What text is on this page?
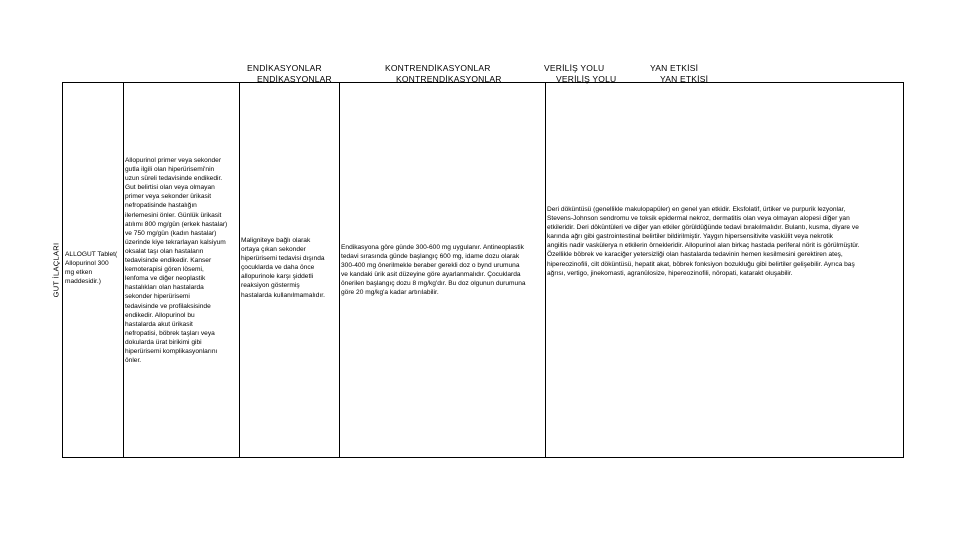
ENDİKASYONLAR
ENDİKASYONLAR
KONTRENDİKASYONLAR
KONTRENDİKASYONLAR
VERİLİŞ YOLU
VERİLİŞ YOLU
YAN ETKİSİ
YAN ETKİSİ
GUT İLAÇLARI ALLOGUT Tablet(
Allopurinol 300
mg etken
maddesidir.)
Allopurinol primer veya sekonder
gutla ilgili olan hiperürisemi'nin
uzun süreli tedavisinde endikedir.
Gut belirtisi olan veya olmayan
primer veya sekonder ürikasit
nefropatisinde hastalığın
ilerlemesini önler. Günlük ürikasit
atılımı 800 mg/gün (erkek hastalar)
ve 750 mg/gün (kadın hastalar)
üzerinde kiye tekrarlayan kalsiyum
oksalat taşı olan hastaların
tedavisinde endikedir. Kanser
kemoterapisi gören lösemi,
lenfoma ve diğer neoplastik
hastalıkları olan hastalarda
sekonder hiperürisemi
tedavisinde ve profilaksisinde
endikedir. Allopurinol bu
hastalarda akut ürikasit
nefropatisi, böbrek taşları veya
dokularda ürat birikimi gibi
hiperürisemi komplikasyonlarını
önler.
Maligniteye bağlı olarak
ortaya çıkan sekonder
hiperürisemi tedavisi dışında
çocuklarda ve daha önce
allopurinole karşı şiddetli
reaksiyon göstermiş
hastalarda kullanılmamalıdır.
Endikasyona göre günde 300-600 mg uygulanır. Antineoplastik
tedavi sırasında günde başlangıç 600 mg, idame dozu olarak
300-400 mg önerilmekle beraber gerekli doz o bynd urumuna
ve kandaki ürik asit düzeyine göre ayarlanmalıdır. Çocuklarda
önerilen başlangıç dozu 8 mg/kg'dır. Bu doz olgunun durumuna
göre 20 mg/kg'a kadar artırılabilir.
Deri döküntüsü (genellikle makulopapüler) en genel yan etkidir. Eksfolatif, ürtiker ve purpurik lezyonlar,
Stevens-Johnson sendromu ve toksik epidermal nekroz, dermatitis olan veya olmayan alopesi diğer yan
etkileridir. Deri döküntüleri ve diğer yan etkiler görüldüğünde tedavi bırakılmalıdır. Bulantı, kusma, diyare ve
karında ağrı gibi gastrointestinal belirtiler bildirilmiştir. Yaygın hipersensitivite vaskülit veya nekrotik
angiitis nadir vaskülerya n etkilerin örnekleridir. Allopurinol alan birkaç hastada periferal nörit is görülmüştür.
Özellikle böbrek ve karaciğer yetersizliği olan hastalarda tedavinin hemen kesilmesini gerektiren ateş,
hipereozinofili, cilt döküntüsü, hepatit akat, böbrek fonksiyon bozukluğu gibi belirtiler gelişebilir. Ayrıca baş
ağrısı, vertigo, jinekomasti, agranülosize, hipereozinofili, nöropati, katarakt oluşabilir.
